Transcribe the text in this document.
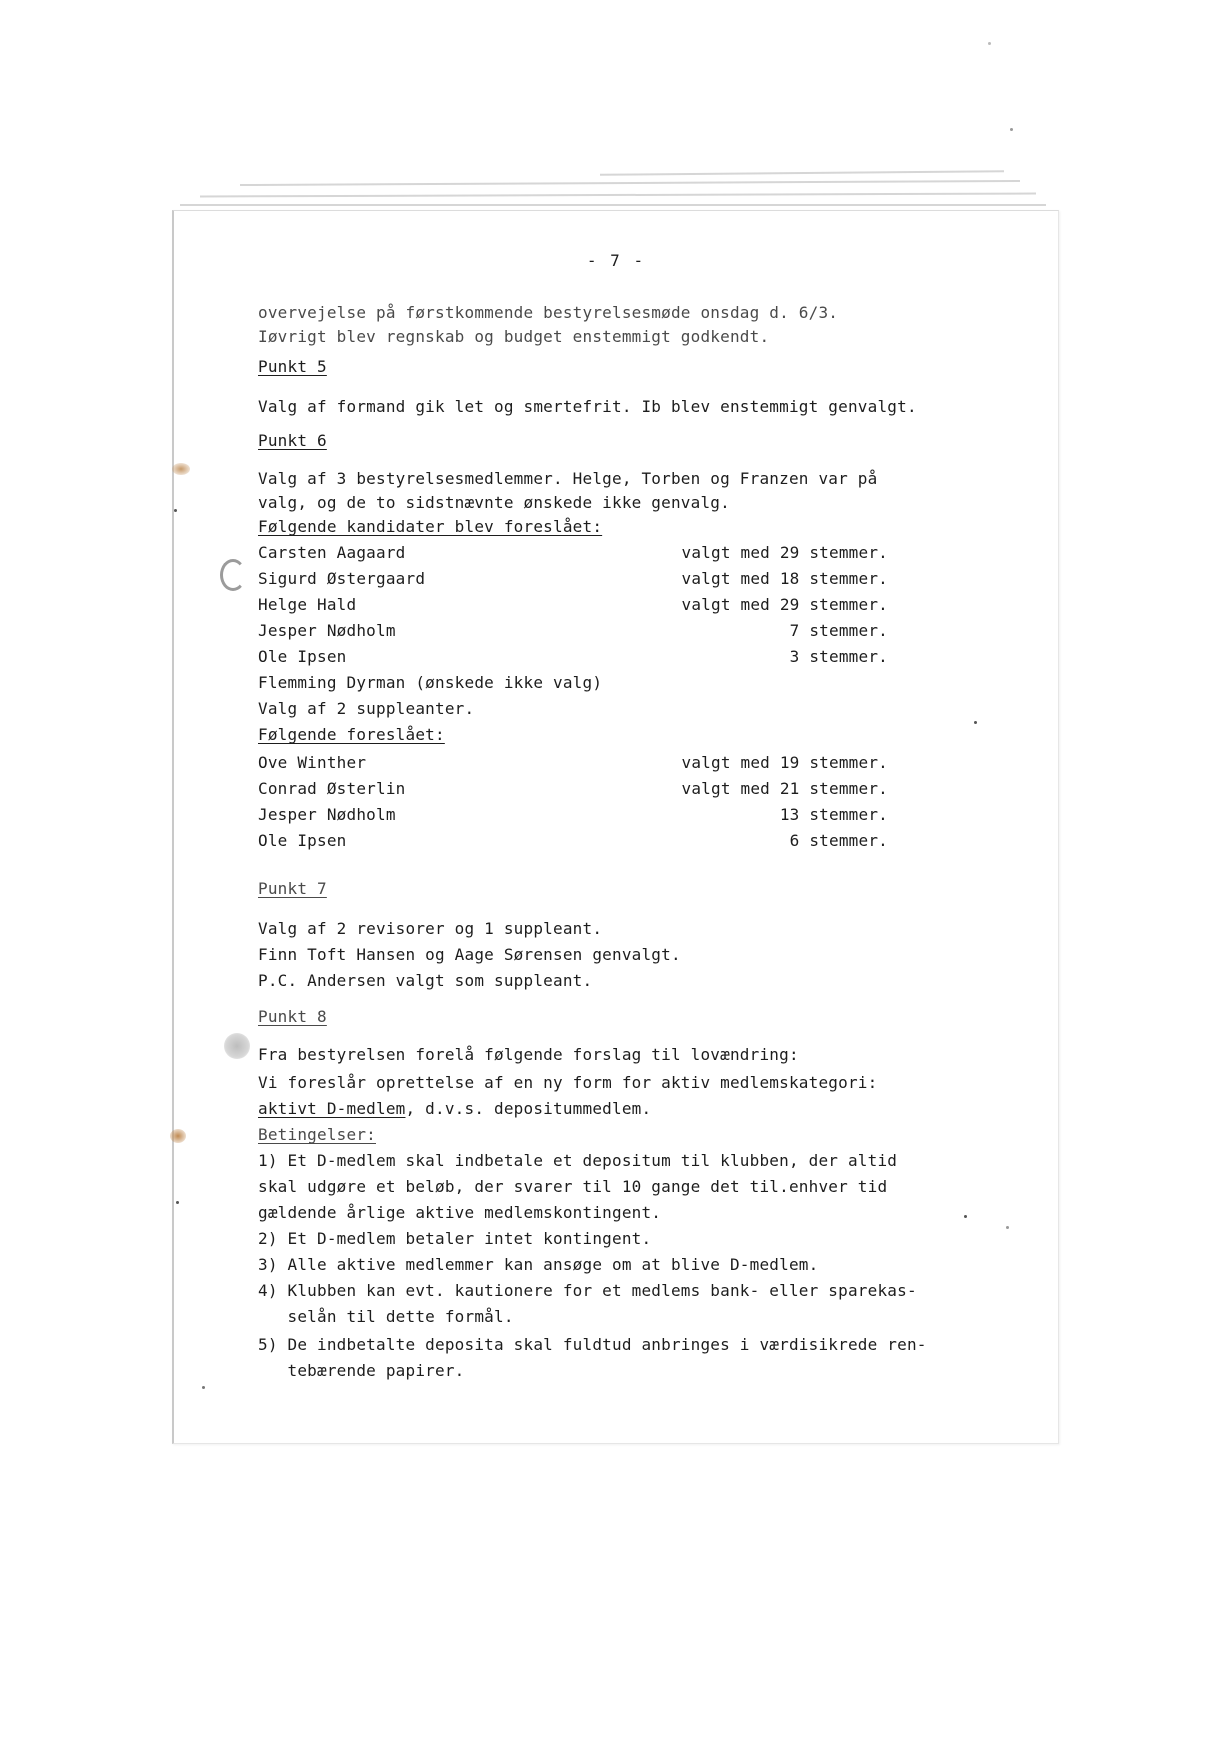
- 7 -
overvejelse på førstkommende bestyrelsesmøde onsdag d. 6/3.
Iøvrigt blev regnskab og budget enstemmigt godkendt.
Punkt 5
Valg af formand gik let og smertefrit. Ib blev enstemmigt genvalgt.
Punkt 6
Valg af 3 bestyrelsesmedlemmer. Helge, Torben og Franzen var på
valg, og de to sidstnævnte ønskede ikke genvalg.
Følgende kandidater blev foreslået:
Carsten Aagaard	valgt med 29 stemmer.
Sigurd Østergaard	valgt med 18 stemmer.
Helge Hald	valgt med 29 stemmer.
Jesper Nødholm	7 stemmer.
Ole Ipsen	3 stemmer.
Flemming Dyrman (ønskede ikke valg)
Valg af 2 suppleanter.
Følgende foreslået:
Ove Winther	valgt med 19 stemmer.
Conrad Østerlin	valgt med 21 stemmer.
Jesper Nødholm	13 stemmer.
Ole Ipsen	6 stemmer.
Punkt 7
Valg af 2 revisorer og 1 suppleant.
Finn Toft Hansen og Aage Sørensen genvalgt.
P.C. Andersen valgt som suppleant.
Punkt 8
Fra bestyrelsen forelå følgende forslag til lovændring:
Vi foreslår oprettelse af en ny form for aktiv medlemskategori:
aktivt D-medlem, d.v.s. depositummedlem.
Betingelser:
1) Et D-medlem skal indbetale et depositum til klubben, der altid
skal udgøre et beløb, der svarer til 10 gange det til.enhver tid
gældende årlige aktive medlemskontingent.
2) Et D-medlem betaler intet kontingent.
3) Alle aktive medlemmer kan ansøge om at blive D-medlem.
4) Klubben kan evt. kautionere for et medlems bank- eller sparekas-
selån til dette formål.
5) De indbetalte deposita skal fuldtud anbringes i værdisikrede ren-
tebærende papirer.
